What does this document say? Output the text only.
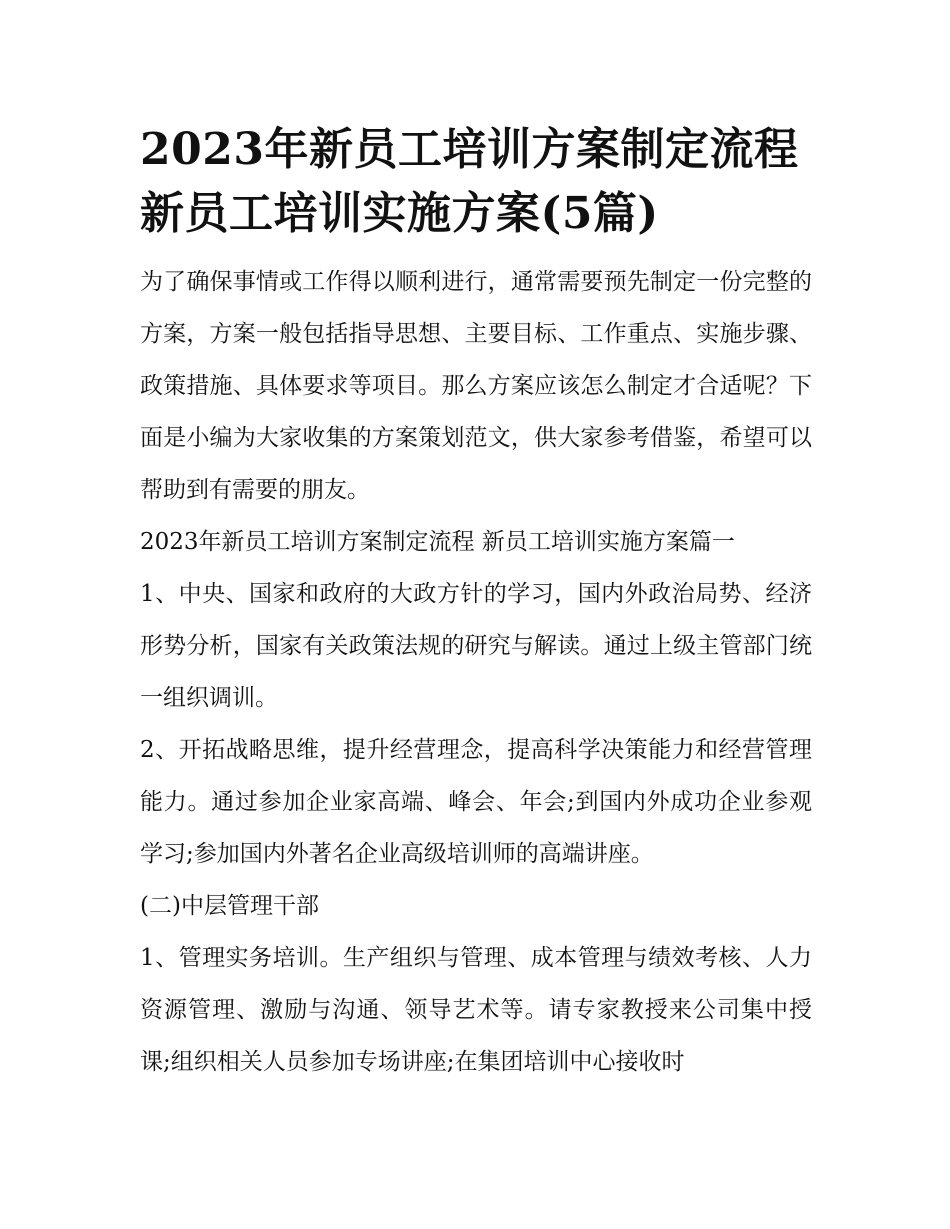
2023年新员工培训方案制定流程 新员工培训实施方案(5篇)

为了确保事情或工作得以顺利进行，通常需要预先制定一份完整的方案，方案一般包括指导思想、主要目标、工作重点、实施步骤、政策措施、具体要求等项目。那么方案应该怎么制定才合适呢？下面是小编为大家收集的方案策划范文，供大家参考借鉴，希望可以帮助到有需要的朋友。

2023年新员工培训方案制定流程 新员工培训实施方案篇一

1、中央、国家和政府的大政方针的学习，国内外政治局势、经济形势分析，国家有关政策法规的研究与解读。通过上级主管部门统一组织调训。

2、开拓战略思维，提升经营理念，提高科学决策能力和经营管理能力。通过参加企业家高端、峰会、年会;到国内外成功企业参观学习;参加国内外著名企业高级培训师的高端讲座。

(二)中层管理干部

1、管理实务培训。生产组织与管理、成本管理与绩效考核、人力资源管理、激励与沟通、领导艺术等。请专家教授来公司集中授课;组织相关人员参加专场讲座;在集团培训中心接收时
